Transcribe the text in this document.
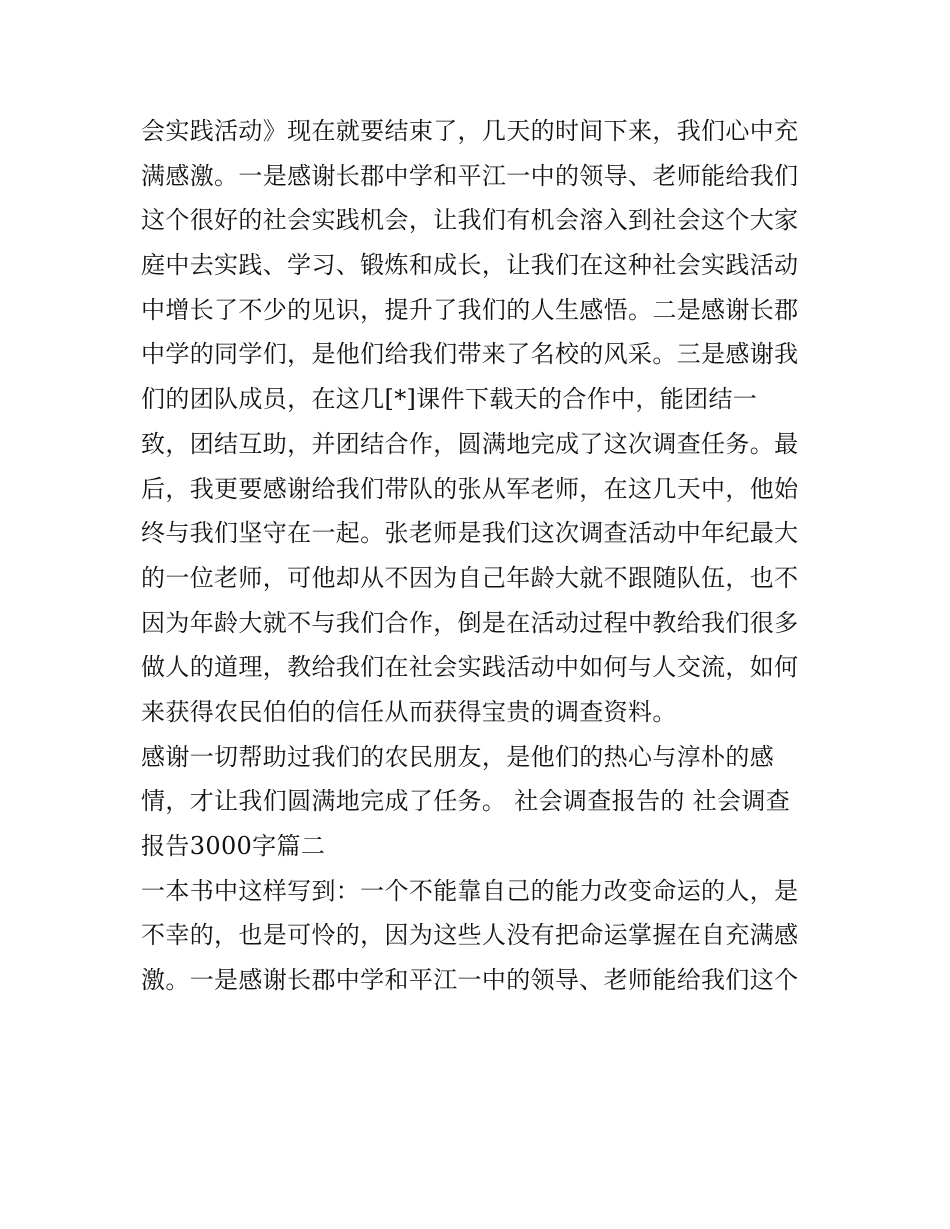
会实践活动》现在就要结束了，几天的时间下来，我们心中充
满感激。一是感谢长郡中学和平江一中的领导、老师能给我们
这个很好的社会实践机会，让我们有机会溶入到社会这个大家
庭中去实践、学习、锻炼和成长，让我们在这种社会实践活动
中增长了不少的见识，提升了我们的人生感悟。二是感谢长郡
中学的同学们，是他们给我们带来了名校的风采。三是感谢我
们的团队成员，在这几[*]课件下载天的合作中，能团结一
致，团结互助，并团结合作，圆满地完成了这次调查任务。最
后，我更要感谢给我们带队的张从军老师，在这几天中，他始
终与我们坚守在一起。张老师是我们这次调查活动中年纪最大
的一位老师，可他却从不因为自己年龄大就不跟随队伍，也不
因为年龄大就不与我们合作，倒是在活动过程中教给我们很多
做人的道理，教给我们在社会实践活动中如何与人交流，如何
来获得农民伯伯的信任从而获得宝贵的调查资料。
感谢一切帮助过我们的农民朋友，是他们的热心与淳朴的感
情，才让我们圆满地完成了任务。 社会调查报告的 社会调查
报告3000字篇二
一本书中这样写到：一个不能靠自己的能力改变命运的人，是
不幸的，也是可怜的，因为这些人没有把命运掌握在自充满感
激。一是感谢长郡中学和平江一中的领导、老师能给我们这个
